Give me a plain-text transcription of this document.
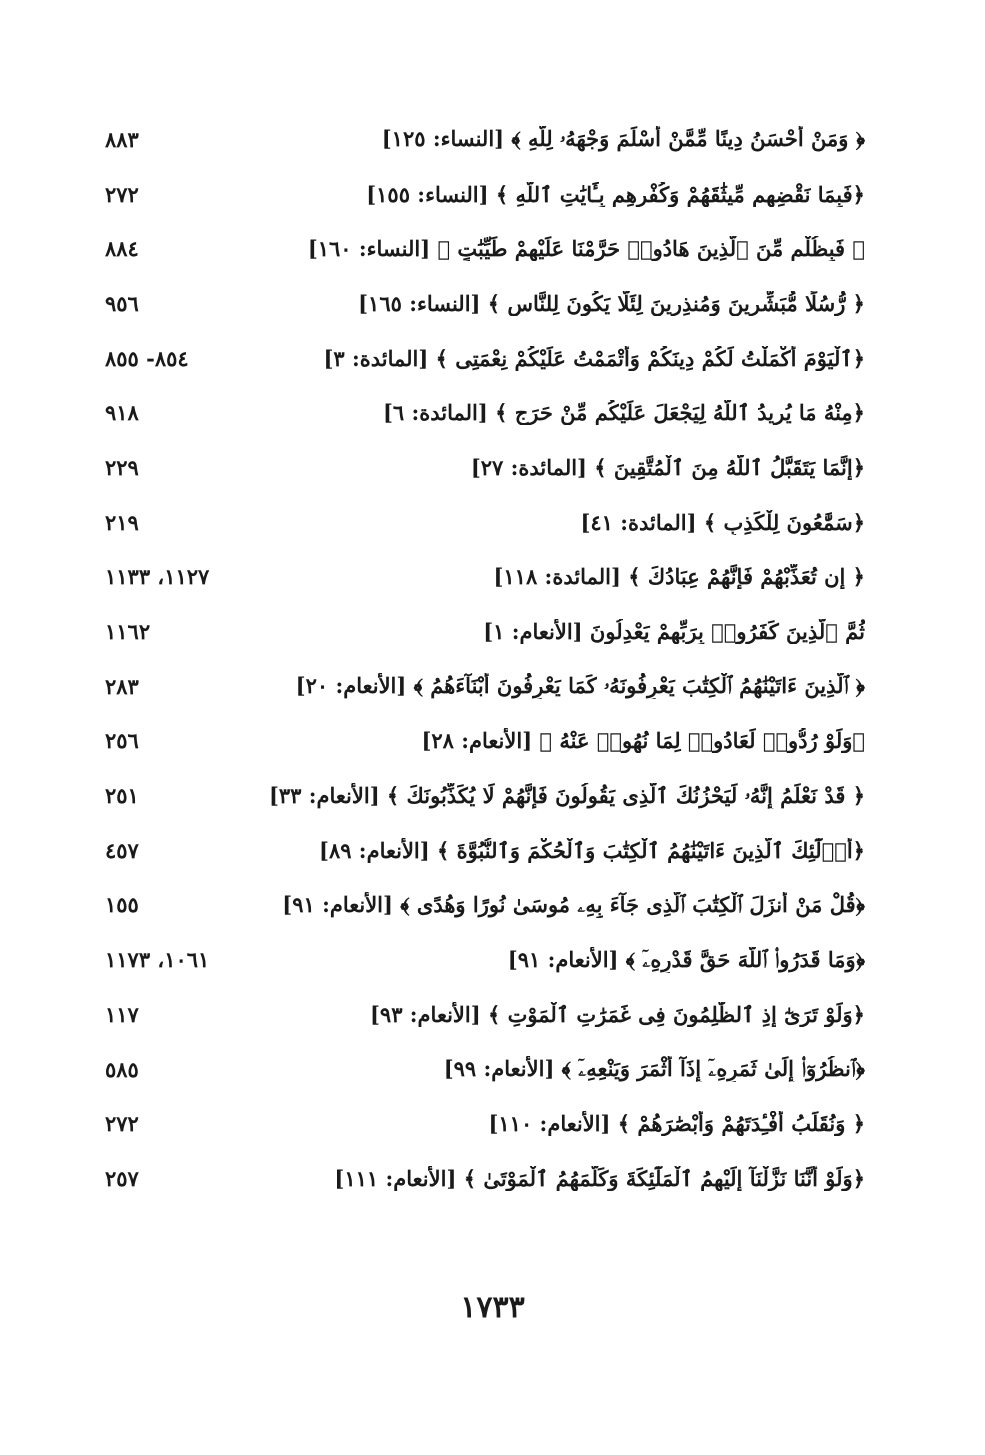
﴿ وَمَنْ أَحْسَنُ دِينًا مِّمَّنْ أَسْلَمَ وَجْهَهُۥ لِلَّهِ ﴾ [النساء: ١٢٥]
٨٨٣
﴿فَبِمَا نَقْضِهِم مِّيثَٰقَهُمْ وَكُفْرِهِم بِـَٔايَٰتِ ٱللَّهِ ﴾ [النساء: ١٥٥]
٢٧٢
﴿ فَبِظُلْمٍ مِّنَ ٱلَّذِينَ هَادُوا۟ حَرَّمْنَا عَلَيْهِمْ طَيِّبَٰتٍ ﴾ [النساء: ١٦٠]
٨٨٤
﴿ رُّسُلًا مُّبَشِّرِينَ وَمُنذِرِينَ لِئَلَّا يَكُونَ لِلنَّاسِ ﴾ [النساء: ١٦٥]
٩٥٦
﴿ٱلْيَوْمَ أَكْمَلْتُ لَكُمْ دِينَكُمْ وَأَتْمَمْتُ عَلَيْكُمْ نِعْمَتِى ﴾ [المائدة: ٣]
٨٥٤- ٨٥٥
﴿مِنْهُ مَا يُرِيدُ ٱللَّهُ لِيَجْعَلَ عَلَيْكُم مِّنْ حَرَجٍ ﴾ [المائدة: ٦]
٩١٨
﴿إِنَّمَا يَتَقَبَّلُ ٱللَّهُ مِنَ ٱلْمُتَّقِينَ ﴾ [المائدة: ٢٧]
٢٢٩
﴿سَمَّٰعُونَ لِلْكَذِبِ ﴾ [المائدة: ٤١]
٢١٩
﴿ إِن تُعَذِّبْهُمْ فَإِنَّهُمْ عِبَادُكَ ﴾ [المائدة: ١١٨]
١١٢٧، ١١٣٣
ثُمَّ ٱلَّذِينَ كَفَرُوا۟ بِرَبِّهِمْ يَعْدِلُونَ [الأنعام: ١]
١١٦٢
﴿ ٱلَّذِينَ ءَاتَيْنَٰهُمُ ٱلْكِتَٰبَ يَعْرِفُونَهُۥ كَمَا يَعْرِفُونَ أَبْنَآءَهُمُ ﴾ [الأنعام: ٢٠]
٢٨٣
﴿وَلَوْ رُدُّوا۟ لَعَادُوا۟ لِمَا نُهُوا۟ عَنْهُ ﴾ [الأنعام: ٢٨]
٢٥٦
﴿ قَدْ نَعْلَمُ إِنَّهُۥ لَيَحْزُنُكَ ٱلَّذِى يَقُولُونَ فَإِنَّهُمْ لَا يُكَذِّبُونَكَ ﴾ [الأنعام: ٣٣]
٢٥١
﴿أُو۟لَٰٓئِكَ ٱلَّذِينَ ءَاتَيْنَٰهُمُ ٱلْكِتَٰبَ وَٱلْحُكْمَ وَٱلنُّبُوَّةَ ﴾ [الأنعام: ٨٩]
٤٥٧
﴿قُلْ مَنْ أَنزَلَ ٱلْكِتَٰبَ ٱلَّذِى جَآءَ بِهِۦ مُوسَىٰ نُورًا وَهُدًى ﴾ [الأنعام: ٩١]
١٥٥
﴿وَمَا قَدَرُوا۟ ٱللَّهَ حَقَّ قَدْرِهِۦٓ ﴾ [الأنعام: ٩١]
١٠٦١، ١١٧٣
﴿وَلَوْ تَرَىٰٓ إِذِ ٱلظَّٰلِمُونَ فِى غَمَرَٰتِ ٱلْمَوْتِ ﴾ [الأنعام: ٩٣]
١١٧
﴿ٱنظُرُوٓا۟ إِلَىٰ ثَمَرِهِۦٓ إِذَآ أَثْمَرَ وَيَنْعِهِۦٓ ﴾ [الأنعام: ٩٩]
٥٨٥
﴿ وَنُقَلِّبُ أَفْـِٔدَتَهُمْ وَأَبْصَٰرَهُمْ ﴾ [الأنعام: ١١٠]
٢٧٢
﴿وَلَوْ أَنَّنَا نَزَّلْنَآ إِلَيْهِمُ ٱلْمَلَٰٓئِكَةَ وَكَلَّمَهُمُ ٱلْمَوْتَىٰ ﴾ [الأنعام: ١١١]
٢٥٧
١٧٣٣
